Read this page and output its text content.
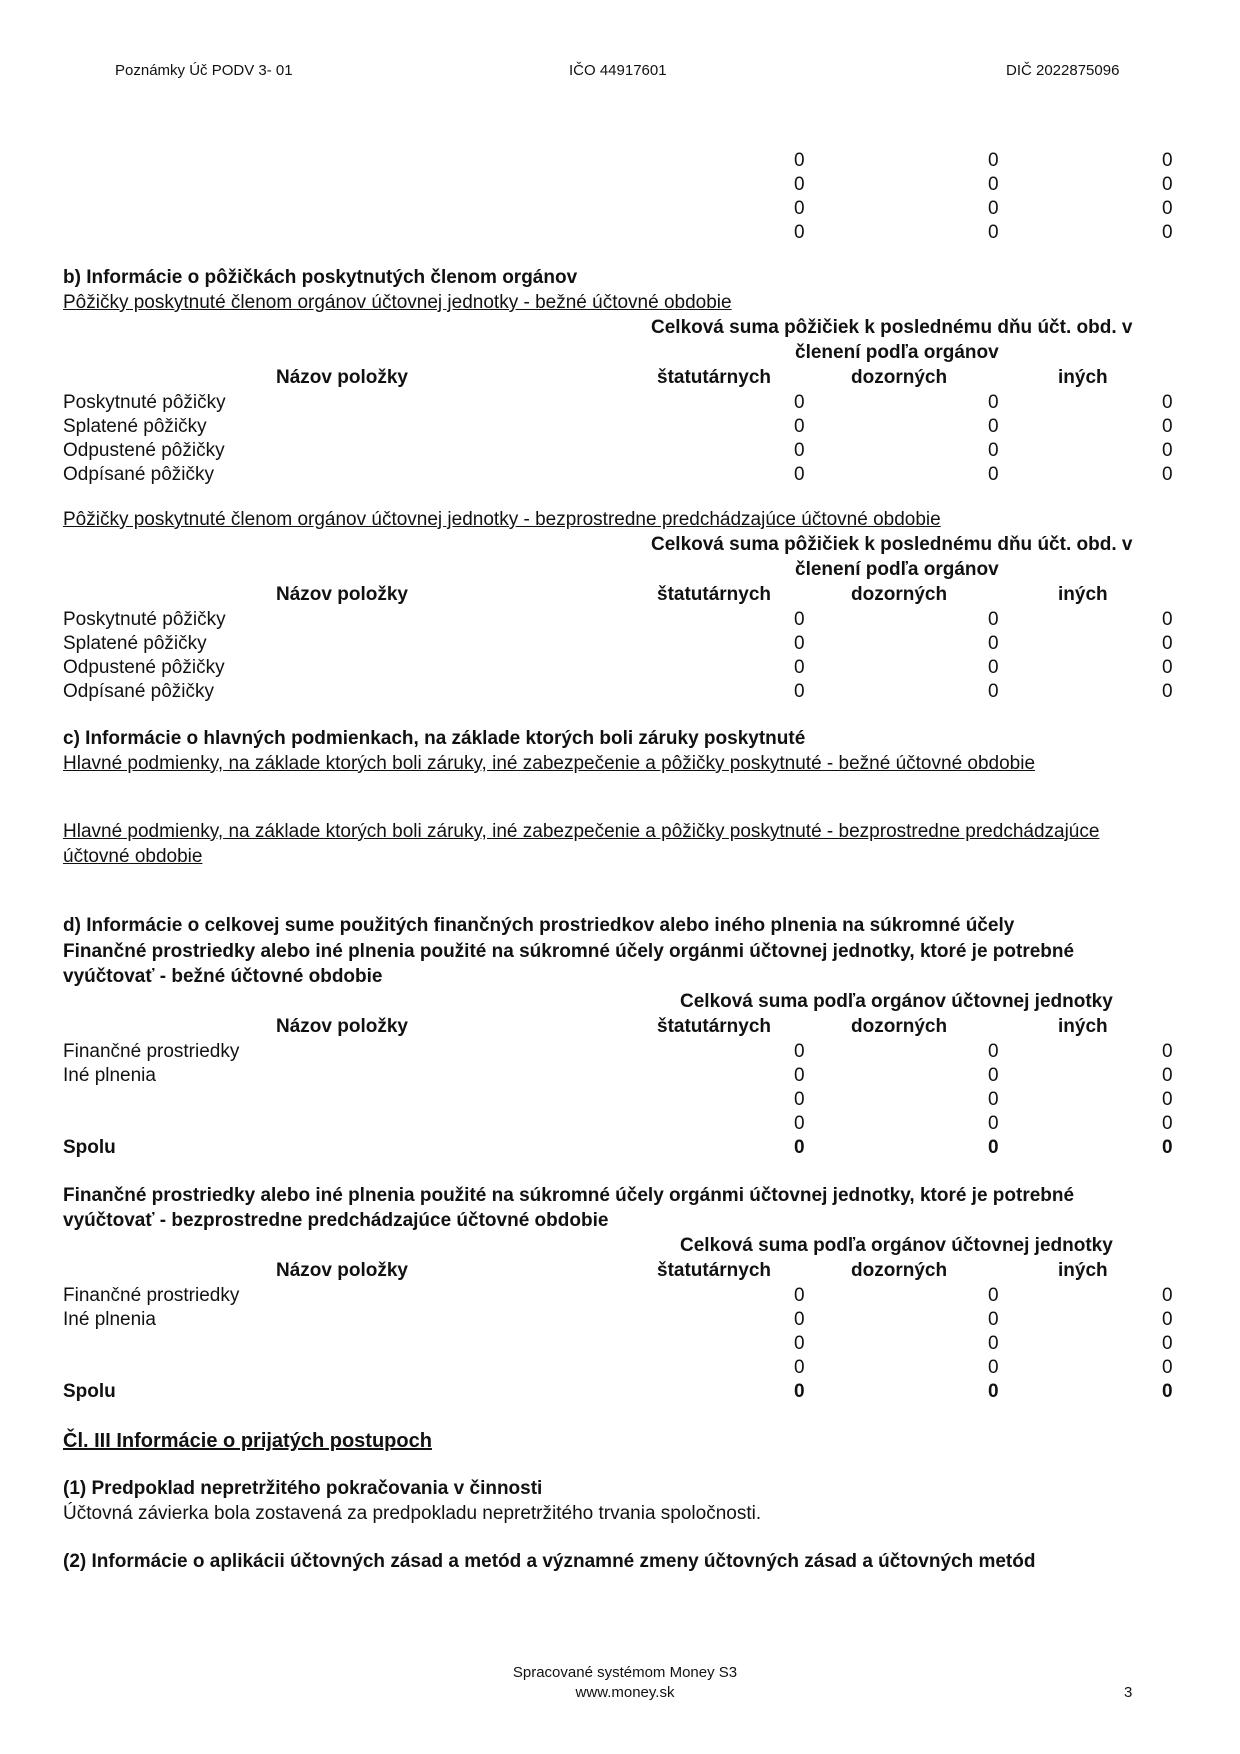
Poznámky Úč PODV 3- 01	IČO 44917601	DIČ 2022875096
0	0	0
0	0	0
0	0	0
0	0	0
b) Informácie o pôžičkách poskytnutých členom orgánov
Pôžičky poskytnuté členom orgánov účtovnej jednotky - bežné účtovné obdobie
Celková suma pôžičiek k poslednému dňu účt. obd. v
členení podľa orgánov
Názov položky	štatutárnych	dozorných	iných
Poskytnuté pôžičky	0	0	0
Splatené pôžičky	0	0	0
Odpustené pôžičky	0	0	0
Odpísané pôžičky	0	0	0
Pôžičky poskytnuté členom orgánov účtovnej jednotky - bezprostredne predchádzajúce účtovné obdobie
Celková suma pôžičiek k poslednému dňu účt. obd. v
členení podľa orgánov
Názov položky	štatutárnych	dozorných	iných
Poskytnuté pôžičky	0	0	0
Splatené pôžičky	0	0	0
Odpustené pôžičky	0	0	0
Odpísané pôžičky	0	0	0
c) Informácie o hlavných podmienkach, na základe ktorých boli záruky poskytnuté
Hlavné podmienky, na základe ktorých boli záruky, iné zabezpečenie a pôžičky poskytnuté - bežné účtovné obdobie
Hlavné podmienky, na základe ktorých boli záruky, iné zabezpečenie a pôžičky poskytnuté - bezprostredne predchádzajúce
účtovné obdobie
d) Informácie o celkovej sume použitých finančných prostriedkov alebo iného plnenia na súkromné účely
Finančné prostriedky alebo iné plnenia použité na súkromné účely orgánmi účtovnej jednotky, ktoré je potrebné
vyúčtovať - bežné účtovné obdobie
Celková suma podľa orgánov účtovnej jednotky
Názov položky	štatutárnych	dozorných	iných
Finančné prostriedky	0	0	0
Iné plnenia	0	0	0
0	0	0
0	0	0
Spolu	0	0	0
Finančné prostriedky alebo iné plnenia použité na súkromné účely orgánmi účtovnej jednotky, ktoré je potrebné
vyúčtovať - bezprostredne predchádzajúce účtovné obdobie
Celková suma podľa orgánov účtovnej jednotky
Názov položky	štatutárnych	dozorných	iných
Finančné prostriedky	0	0	0
Iné plnenia	0	0	0
0	0	0
0	0	0
Spolu	0	0	0
Čl. III Informácie o prijatých postupoch
(1) Predpoklad nepretržitého pokračovania v činnosti
Účtovná závierka bola zostavená za predpokladu nepretržitého trvania spoločnosti.
(2) Informácie o aplikácii účtovných zásad a metód a významné zmeny účtovných zásad a účtovných metód
Spracované systémom Money S3
www.money.sk	3
